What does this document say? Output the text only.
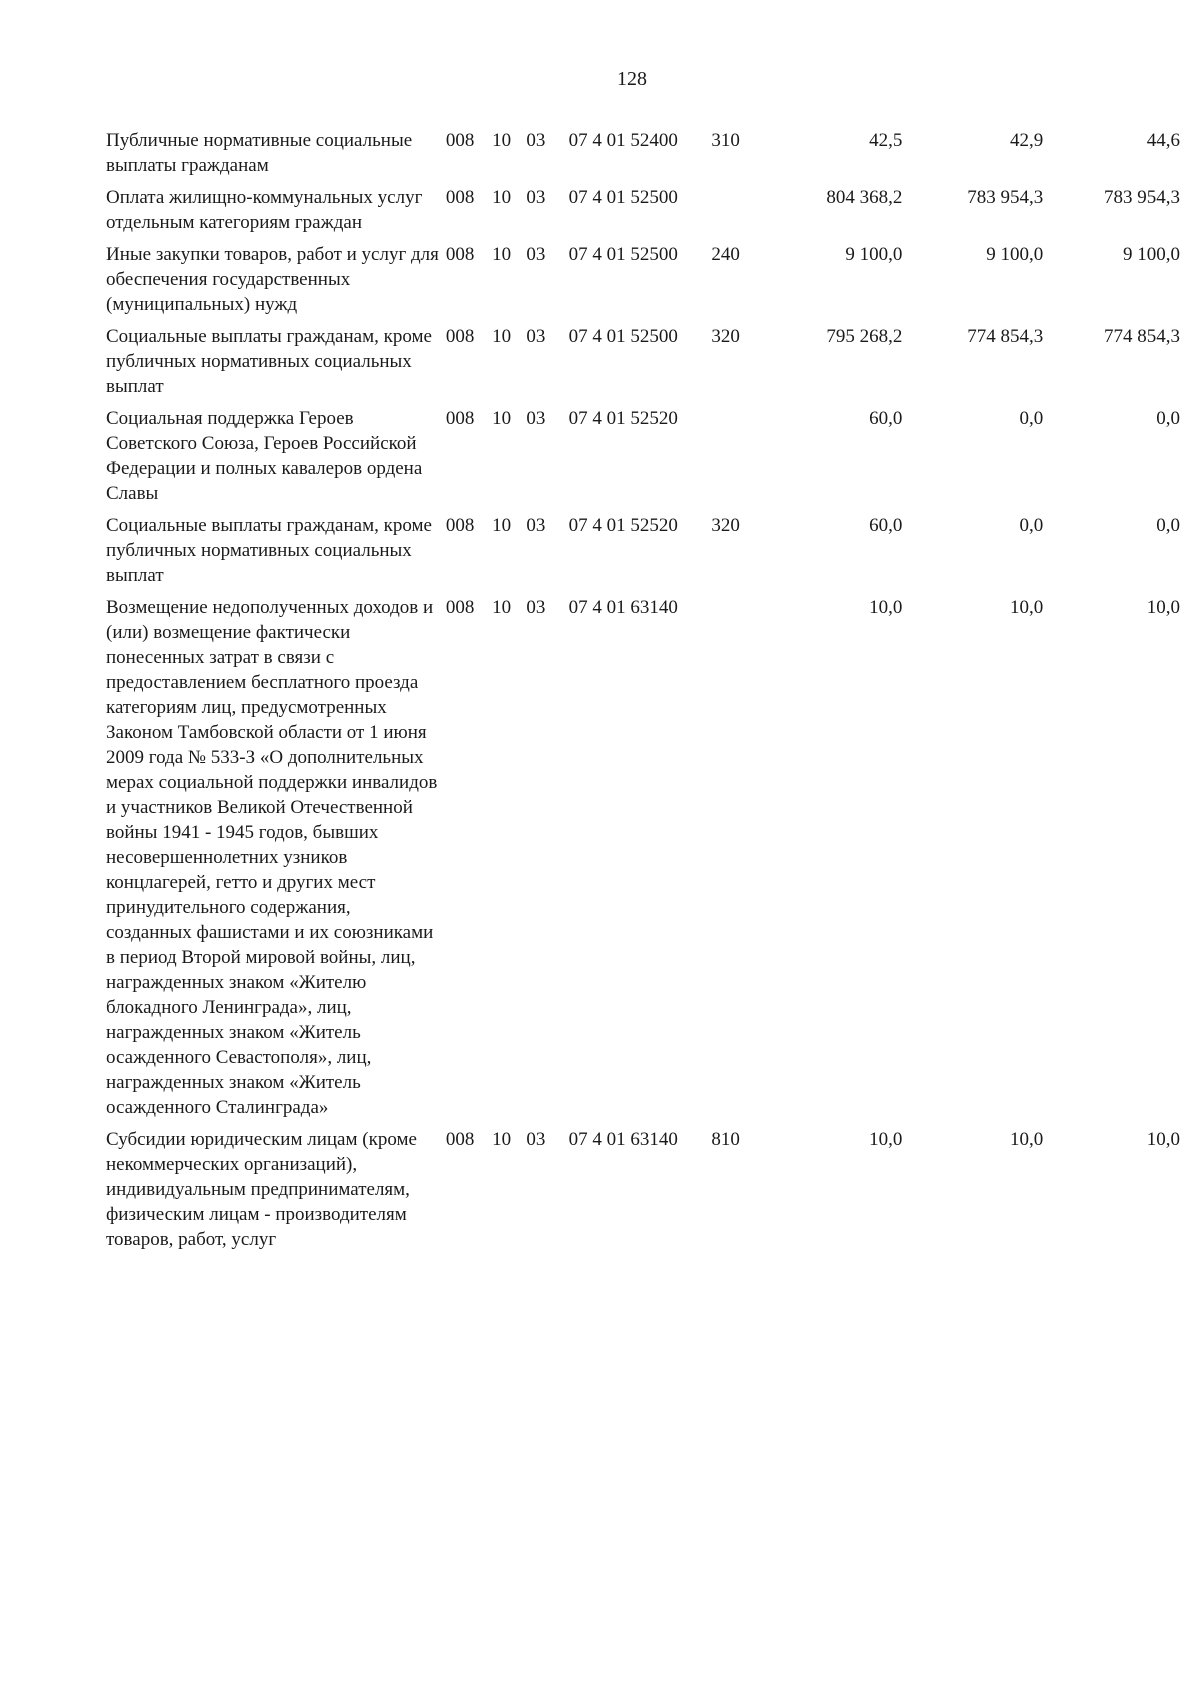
128
Публичные нормативные социальные выплаты гражданам	008	10	03	07 4 01 52400	310	42,5	42,9	44,6
Оплата жилищно-коммунальных услуг отдельным категориям граждан	008	10	03	07 4 01 52500		804 368,2	783 954,3	783 954,3
Иные закупки товаров, работ и услуг для обеспечения государственных (муниципальных) нужд	008	10	03	07 4 01 52500	240	9 100,0	9 100,0	9 100,0
Социальные выплаты гражданам, кроме публичных нормативных социальных выплат	008	10	03	07 4 01 52500	320	795 268,2	774 854,3	774 854,3
Социальная поддержка Героев Советского Союза, Героев Российской Федерации и полных кавалеров ордена Славы	008	10	03	07 4 01 52520		60,0	0,0	0,0
Социальные выплаты гражданам, кроме публичных нормативных социальных выплат	008	10	03	07 4 01 52520	320	60,0	0,0	0,0
Возмещение недополученных доходов и (или) возмещение фактически понесенных затрат в связи с предоставлением бесплатного проезда категориям лиц, предусмотренных Законом Тамбовской области от 1 июня 2009 года № 533-З «О дополнительных мерах социальной поддержки инвалидов и участников Великой Отечественной войны 1941 - 1945 годов, бывших несовершеннолетних узников концлагерей, гетто и других мест принудительного содержания, созданных фашистами и их союзниками в период Второй мировой войны, лиц, награжденных знаком «Жителю блокадного Ленинграда», лиц, награжденных знаком «Житель осажденного Севастополя», лиц, награжденных знаком «Житель осажденного Сталинграда»	008	10	03	07 4 01 63140		10,0	10,0	10,0
Субсидии юридическим лицам (кроме некоммерческих организаций), индивидуальным предпринимателям, физическим лицам - производителям товаров, работ, услуг	008	10	03	07 4 01 63140	810	10,0	10,0	10,0
